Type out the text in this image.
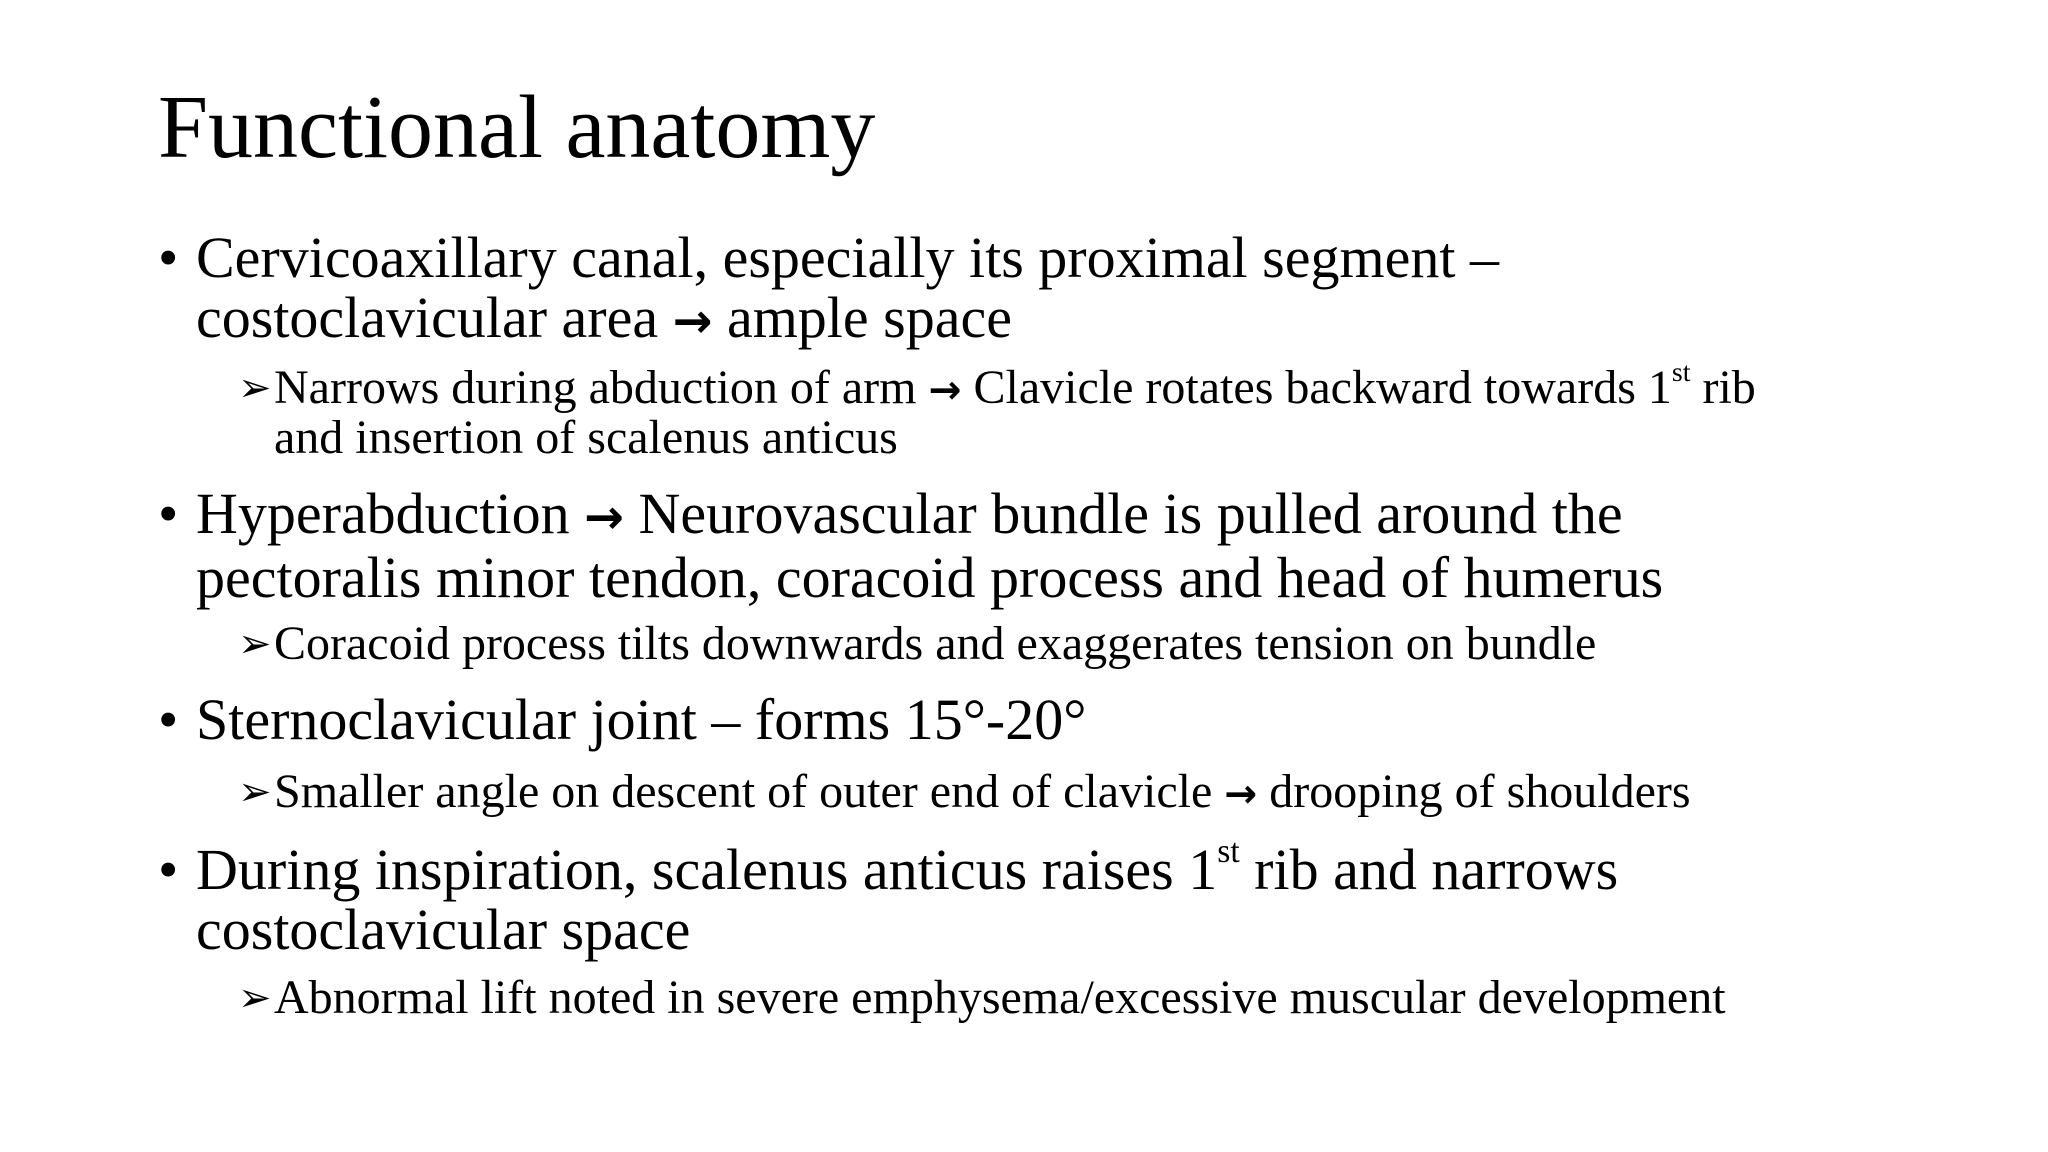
Functional anatomy
• Cervicoaxillary canal, especially its proximal segment –
costoclavicular area → ample space
➢ Narrows during abduction of arm → Clavicle rotates backward towards 1st rib
and insertion of scalenus anticus
• Hyperabduction → Neurovascular bundle is pulled around the
pectoralis minor tendon, coracoid process and head of humerus
➢ Coracoid process tilts downwards and exaggerates tension on bundle
• Sternoclavicular joint – forms 15°-20°
➢ Smaller angle on descent of outer end of clavicle → drooping of shoulders
• During inspiration, scalenus anticus raises 1st rib and narrows
costoclavicular space
➢ Abnormal lift noted in severe emphysema/excessive muscular development
